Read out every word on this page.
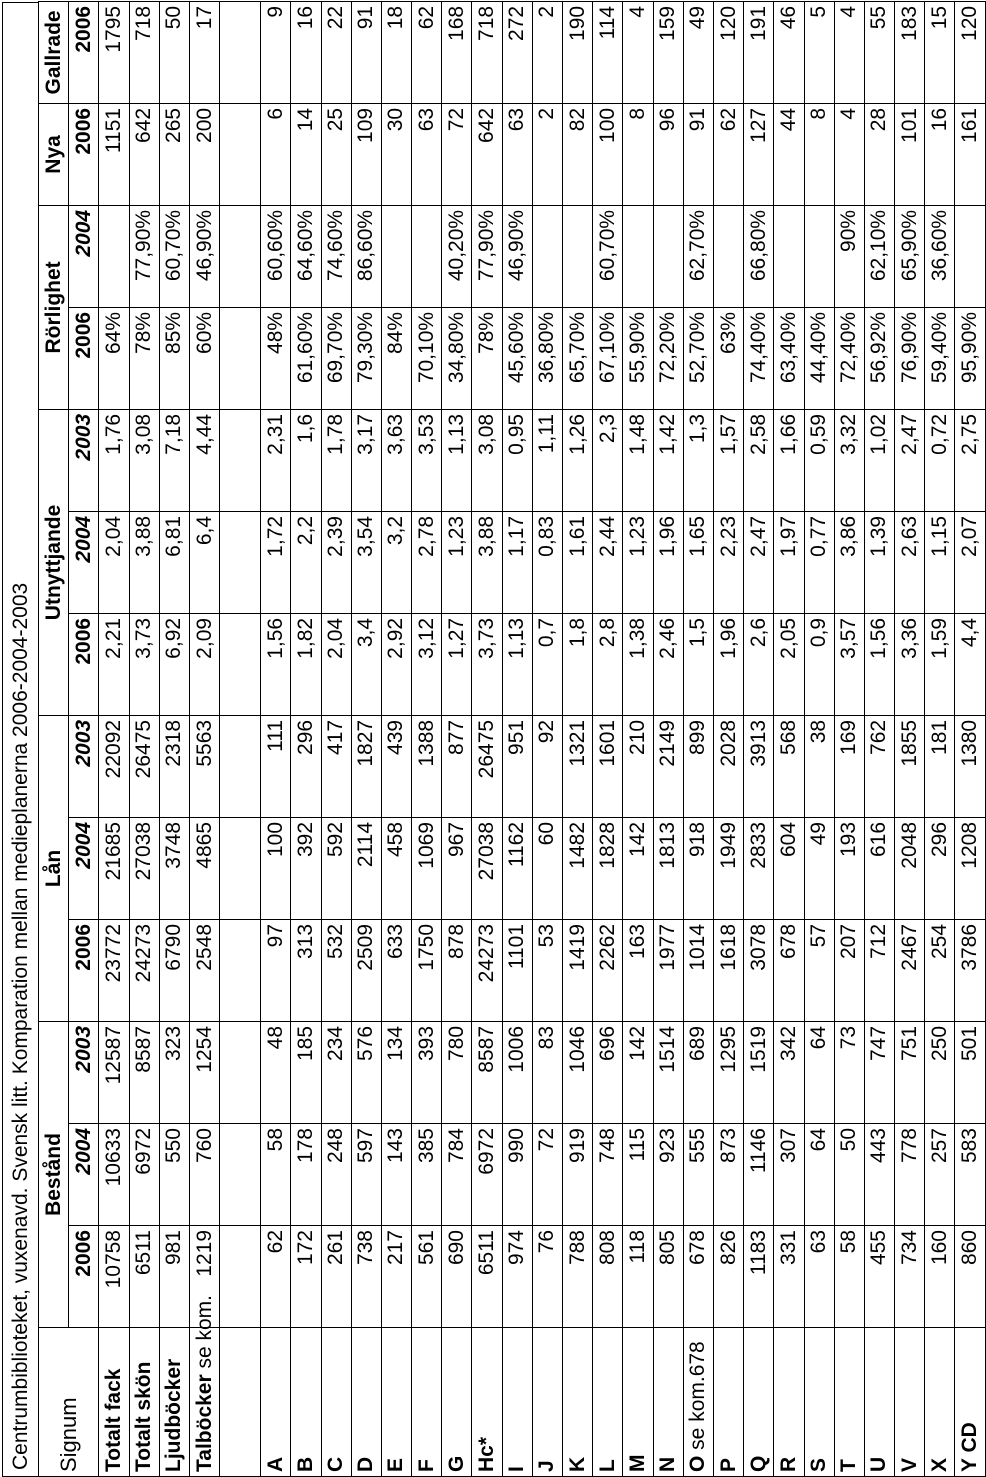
Centrumbiblioteket, vuxenavd. Svensk litt. Komparation mellan medieplanerna 2006-2004-2003 Signum	Bestånd			Lån			Utnyttjande			Rörlighet		Nya	Gallrade
	2006	2004	2003	2006	2004	2003	2006	2004	2003	2006	2004	2006	2006
Totalt fack	10758	10633	12587	23772	21685	22092	2,21	2,04	1,76	64%		1151	1795
Totalt skön	6511	6972	8587	24273	27038	26475	3,73	3,88	3,08	78%	77,90%	642	718
Ljudböcker	981	550	323	6790	3748	2318	6,92	6,81	7,18	85%	60,70%	265	50
Talböcker se kom.	1219	760	1254	2548	4865	5563	2,09	6,4	4,44	60%	46,90%	200	17

A	62	58	48	97	100	111	1,56	1,72	2,31	48%	60,60%	6	9
B	172	178	185	313	392	296	1,82	2,2	1,6	61,60%	64,60%	14	16
C	261	248	234	532	592	417	2,04	2,39	1,78	69,70%	74,60%	25	22
D	738	597	576	2509	2114	1827	3,4	3,54	3,17	79,30%	86,60%	109	91
E	217	143	134	633	458	439	2,92	3,2	3,63	84%		30	18
F	561	385	393	1750	1069	1388	3,12	2,78	3,53	70,10%		63	62
G	690	784	780	878	967	877	1,27	1,23	1,13	34,80%	40,20%	72	168
Hc*	6511	6972	8587	24273	27038	26475	3,73	3,88	3,08	78%	77,90%	642	718
I	974	990	1006	1101	1162	951	1,13	1,17	0,95	45,60%	46,90%	63	272
J	76	72	83	53	60	92	0,7	0,83	1,11	36,80%		2	2
K	788	919	1046	1419	1482	1321	1,8	1,61	1,26	65,70%		82	190
L	808	748	696	2262	1828	1601	2,8	2,44	2,3	67,10%	60,70%	100	114
M	118	115	142	163	142	210	1,38	1,23	1,48	55,90%		8	4
N	805	923	1514	1977	1813	2149	2,46	1,96	1,42	72,20%		96	159
O se kom.678	678	555	689	1014	918	899	1,5	1,65	1,3	52,70%	62,70%	91	49
P	826	873	1295	1618	1949	2028	1,96	2,23	1,57	63%		62	120
Q	1183	1146	1519	3078	2833	3913	2,6	2,47	2,58	74,40%	66,80%	127	191
R	331	307	342	678	604	568	2,05	1,97	1,66	63,40%		44	46
S	63	64	64	57	49	38	0,9	0,77	0,59	44,40%		8	5
T	58	50	73	207	193	169	3,57	3,86	3,32	72,40%	90%	4	4
U	455	443	747	712	616	762	1,56	1,39	1,02	56,92%	62,10%	28	55
V	734	778	751	2467	2048	1855	3,36	2,63	2,47	76,90%	65,90%	101	183
X	160	257	250	254	296	181	1,59	1,15	0,72	59,40%	36,60%	16	15
Y CD	860	583	501	3786	1208	1380	4,4	2,07	2,75	95,90%		161	120
